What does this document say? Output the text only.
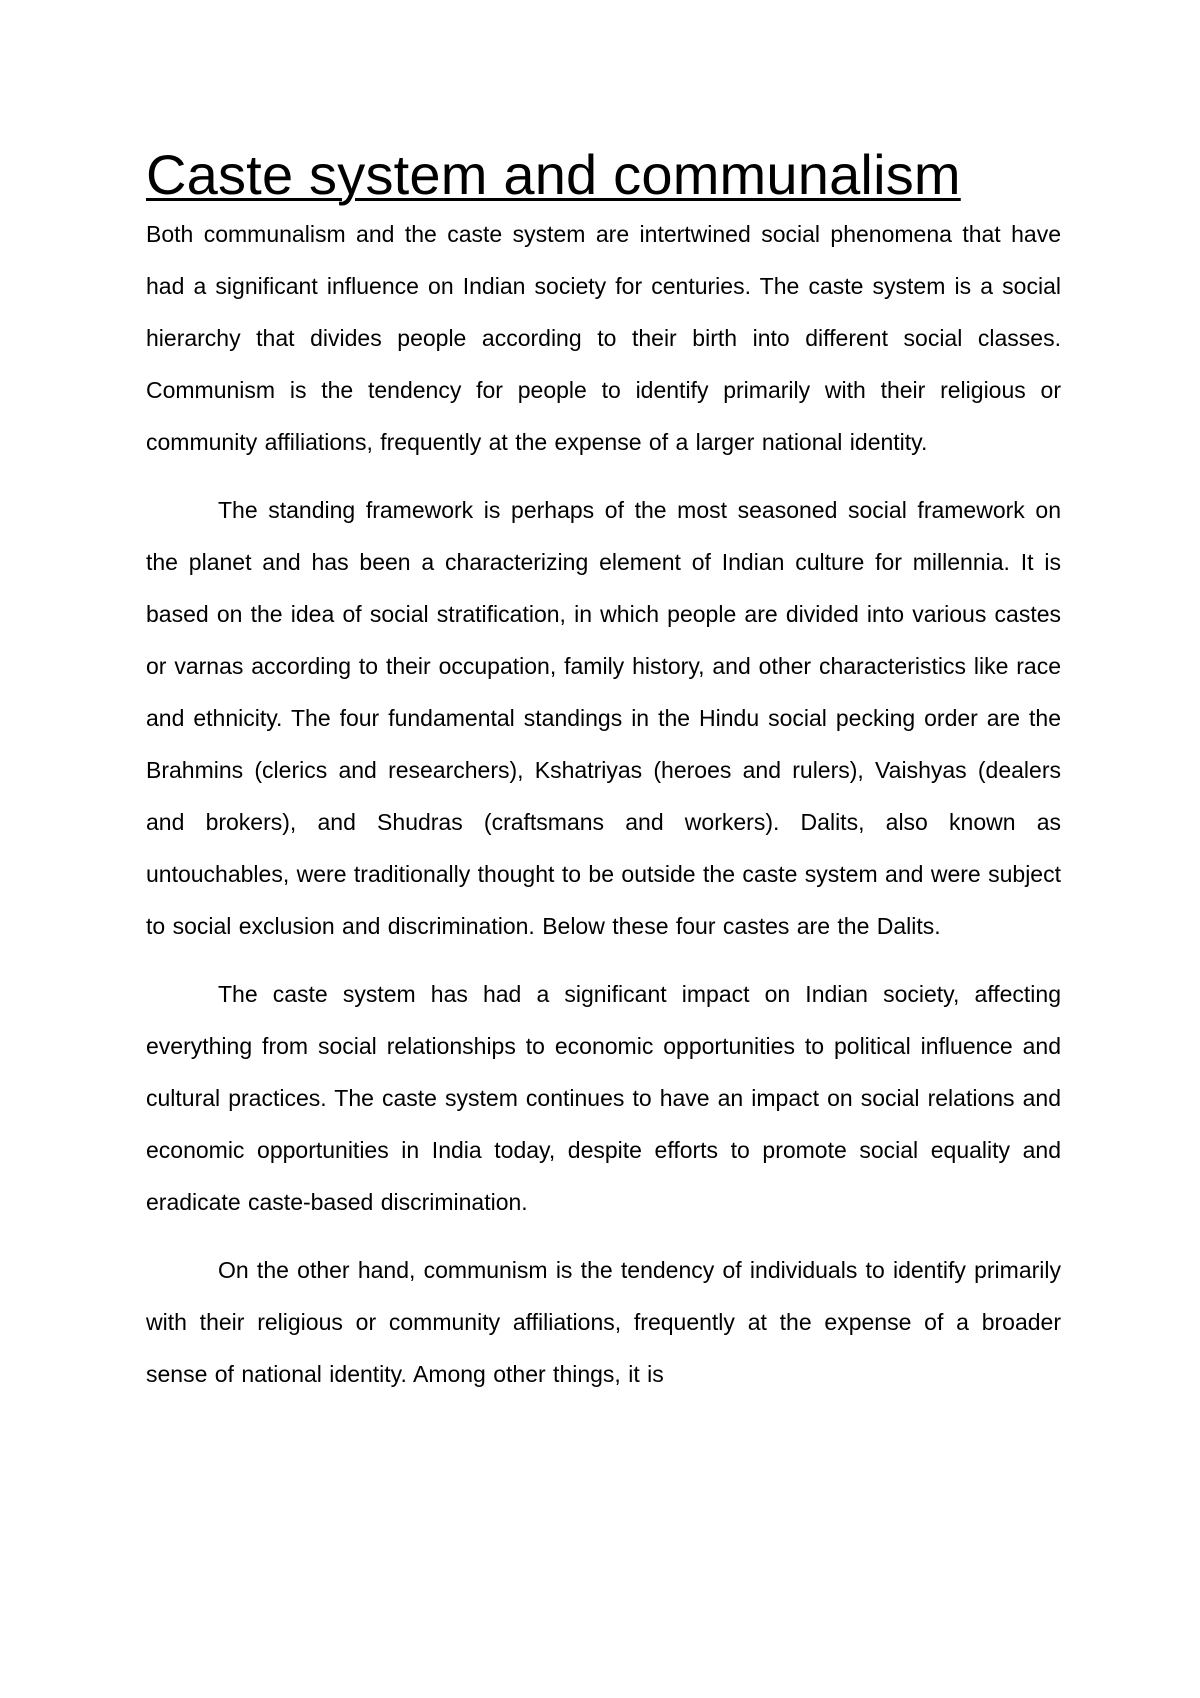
Caste system and communalism

Both communalism and the caste system are intertwined social phenomena that have had a significant influence on Indian society for centuries. The caste system is a social hierarchy that divides people according to their birth into different social classes. Communism is the tendency for people to identify primarily with their religious or community affiliations, frequently at the expense of a larger national identity.

The standing framework is perhaps of the most seasoned social framework on the planet and has been a characterizing element of Indian culture for millennia. It is based on the idea of social stratification, in which people are divided into various castes or varnas according to their occupation, family history, and other characteristics like race and ethnicity. The four fundamental standings in the Hindu social pecking order are the Brahmins (clerics and researchers), Kshatriyas (heroes and rulers), Vaishyas (dealers and brokers), and Shudras (craftsmans and workers). Dalits, also known as untouchables, were traditionally thought to be outside the caste system and were subject to social exclusion and discrimination. Below these four castes are the Dalits.

The caste system has had a significant impact on Indian society, affecting everything from social relationships to economic opportunities to political influence and cultural practices. The caste system continues to have an impact on social relations and economic opportunities in India today, despite efforts to promote social equality and eradicate caste-based discrimination.

On the other hand, communism is the tendency of individuals to identify primarily with their religious or community affiliations, frequently at the expense of a broader sense of national identity. Among other things, it is
